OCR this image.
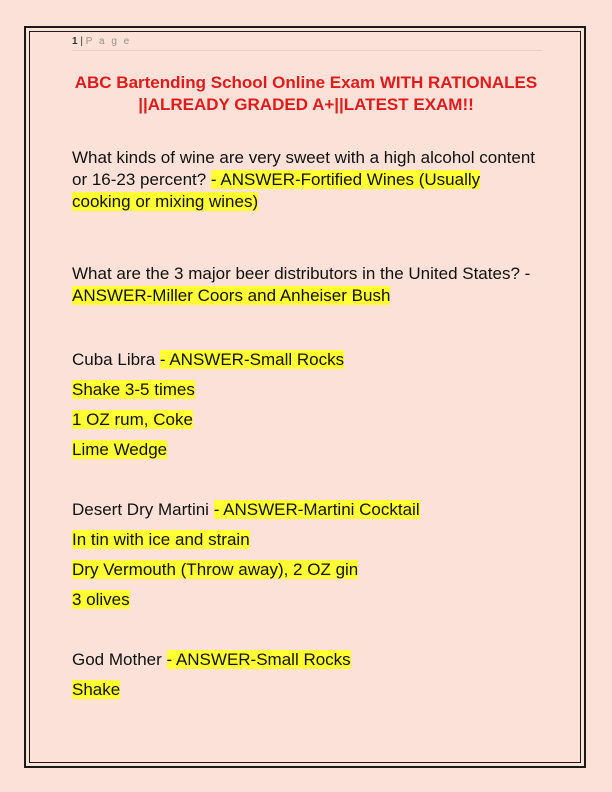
1 | P a g e
ABC Bartending School Online Exam WITH RATIONALES ||ALREADY GRADED A+||LATEST EXAM!!

What kinds of wine are very sweet with a high alcohol content or 16-23 percent? - ANSWER-Fortified Wines (Usually cooking or mixing wines)

What are the 3 major beer distributors in the United States? - ANSWER-Miller Coors and Anheiser Bush

Cuba Libra - ANSWER-Small Rocks
Shake 3-5 times
1 OZ rum, Coke
Lime Wedge
Desert Dry Martini - ANSWER-Martini Cocktail
In tin with ice and strain
Dry Vermouth (Throw away), 2 OZ gin
3 olives
God Mother - ANSWER-Small Rocks
Shake
